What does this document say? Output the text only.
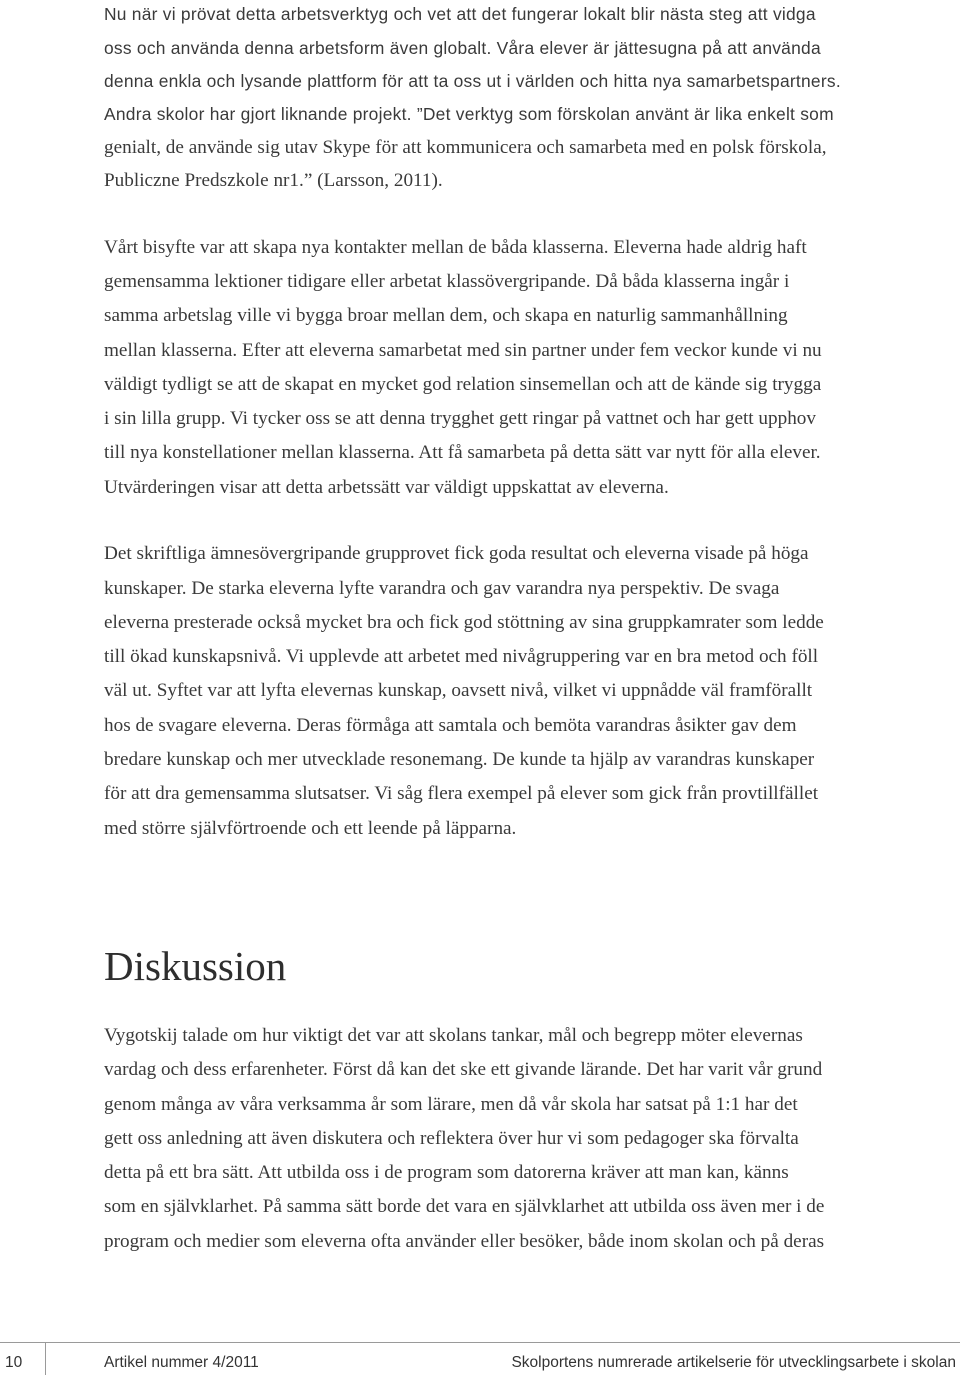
Nu när vi prövat detta arbetsverktyg och vet att det fungerar lokalt blir nästa steg att vidga
oss och använda denna arbetsform även globalt. Våra elever är jättesugna på att använda
denna enkla och lysande plattform för att ta oss ut i världen och hitta nya samarbetspartners.
Andra skolor har gjort liknande projekt. ”Det verktyg som förskolan använt är lika enkelt som
genialt, de använde sig utav Skype för att kommunicera och samarbeta med en polsk förskola,
Publiczne Predszkole nr1.” (Larsson, 2011).
Vårt bisyfte var att skapa nya kontakter mellan de båda klasserna. Eleverna hade aldrig haft
gemensamma lektioner tidigare eller arbetat klassövergripande. Då båda klasserna ingår i
samma arbetslag ville vi bygga broar mellan dem, och skapa en naturlig sammanhållning
mellan klasserna. Efter att eleverna samarbetat med sin partner under fem veckor kunde vi nu
väldigt tydligt se att de skapat en mycket god relation sinsemellan och att de kände sig trygga
i sin lilla grupp. Vi tycker oss se att denna trygghet gett ringar på vattnet och har gett upphov
till nya konstellationer mellan klasserna. Att få samarbeta på detta sätt var nytt för alla elever.
Utvärderingen visar att detta arbetssätt var väldigt uppskattat av eleverna.
Det skriftliga ämnesövergripande grupprovet fick goda resultat och eleverna visade på höga
kunskaper. De starka eleverna lyfte varandra och gav varandra nya perspektiv. De svaga
eleverna presterade också mycket bra och fick god stöttning av sina gruppkamrater som ledde
till ökad kunskapsnivå. Vi upplevde att arbetet med nivågruppering var en bra metod och föll
väl ut. Syftet var att lyfta elevernas kunskap, oavsett nivå, vilket vi uppnådde väl framförallt
hos de svagare eleverna. Deras förmåga att samtala och bemöta varandras åsikter gav dem
bredare kunskap och mer utvecklade resonemang. De kunde ta hjälp av varandras kunskaper
för att dra gemensamma slutsatser. Vi såg flera exempel på elever som gick från provtillfället
med större självförtroende och ett leende på läpparna.
Diskussion
Vygotskij talade om hur viktigt det var att skolans tankar, mål och begrepp möter elevernas
vardag och dess erfarenheter. Först då kan det ske ett givande lärande. Det har varit vår grund
genom många av våra verksamma år som lärare, men då vår skola har satsat på 1:1 har det
gett oss anledning att även diskutera och reflektera över hur vi som pedagoger ska förvalta
detta på ett bra sätt. Att utbilda oss i de program som datorerna kräver att man kan, känns
som en självklarhet. På samma sätt borde det vara en självklarhet att utbilda oss även mer i de
program och medier som eleverna ofta använder eller besöker, både inom skolan och på deras
10	Artikel nummer 4/2011	Skolportens numrerade artikelserie för utvecklingsarbete i skolan
